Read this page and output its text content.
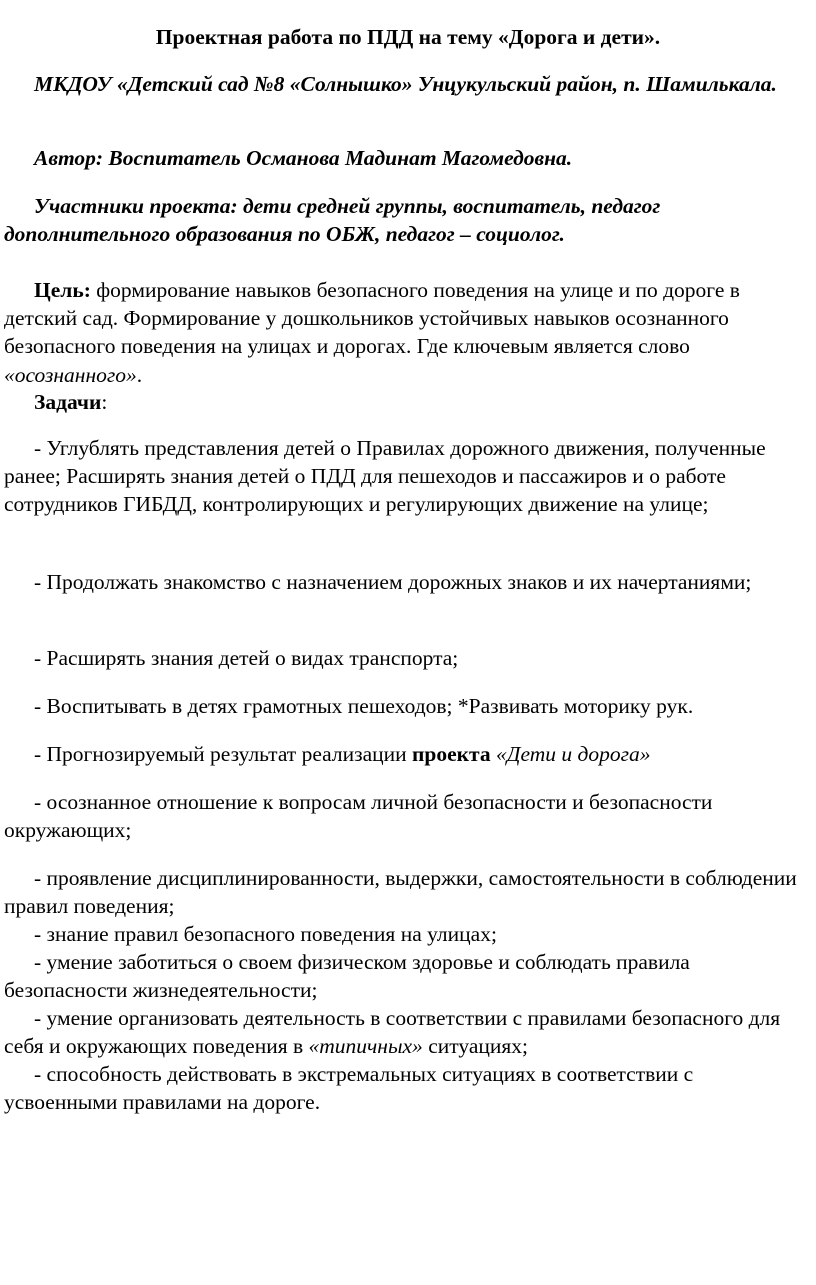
Проектная работа по ПДД на тему «Дорога и дети».
МКДОУ «Детский сад №8 «Солнышко» Унцукульский район, п. Шамилькала.
Автор: Воспитатель Османова Мадинат Магомедовна.
Участники проекта: дети средней группы, воспитатель, педагог дополнительного образования по ОБЖ, педагог – социолог.
Цель: формирование навыков безопасного поведения на улице и по дороге в детский сад. Формирование у дошкольников устойчивых навыков осознанного безопасного поведения на улицах и дорогах. Где ключевым является слово «осознанного».
Задачи:
- Углублять представления детей о Правилах дорожного движения, полученные ранее; Расширять знания детей о ПДД для пешеходов и пассажиров и о работе сотрудников ГИБДД, контролирующих и регулирующих движение на улице;
- Продолжать знакомство с назначением дорожных знаков и их начертаниями;
- Расширять знания детей о видах транспорта;
- Воспитывать в детях грамотных пешеходов; *Развивать моторику рук.
- Прогнозируемый результат реализации проекта «Дети и дорога»
- осознанное отношение к вопросам личной безопасности и безопасности окружающих;
- проявление дисциплинированности, выдержки, самостоятельности в соблюдении правил поведения;
- знание правил безопасного поведения на улицах;
- умение заботиться о своем физическом здоровье и соблюдать правила безопасности жизнедеятельности;
- умение организовать деятельность в соответствии с правилами безопасного для себя и окружающих поведения в «типичных» ситуациях;
- способность действовать в экстремальных ситуациях в соответствии с усвоенными правилами на дороге.
